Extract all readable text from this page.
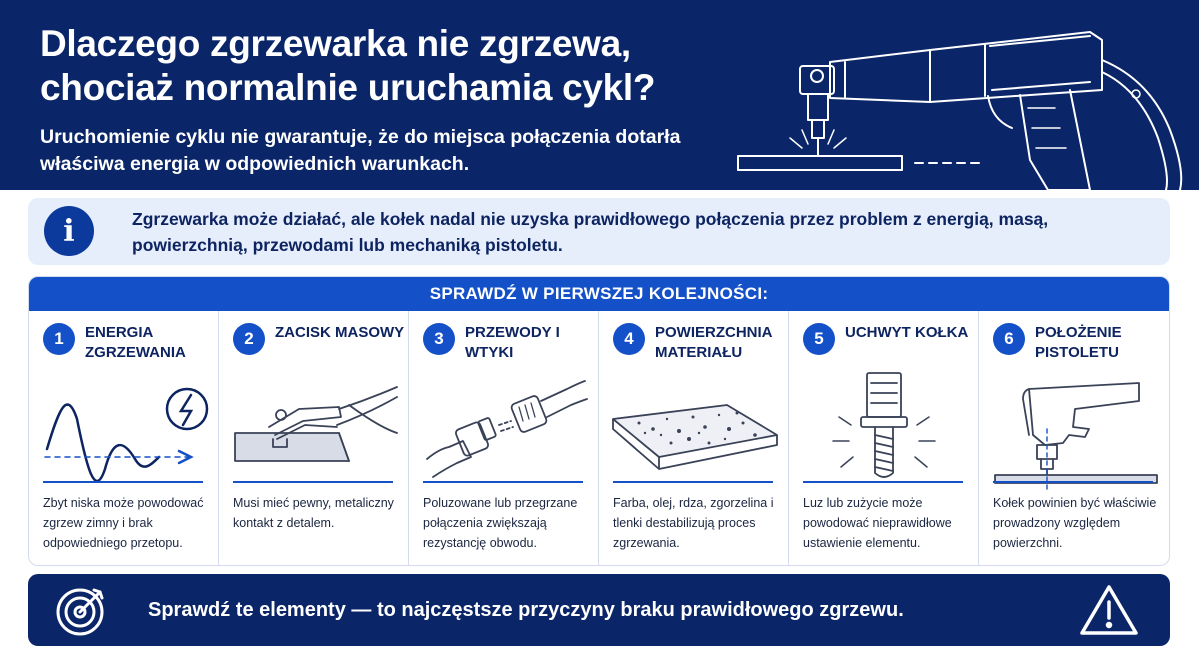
Dlaczego zgrzewarka nie zgrzewa, chociaż normalnie uruchamia cykl?
Uruchomienie cyklu nie gwarantuje, że do miejsca połączenia dotarła właściwa energia w odpowiednich warunkach.
i	Zgrzewarka może działać, ale kołek nadal nie uzyska prawidłowego połączenia przez problem z energią, masą, powierzchnią, przewodami lub mechaniką pistoletu.
SPRAWDŹ W PIERWSZEJ KOLEJNOŚCI:
1	ENERGIA ZGRZEWANIA
Zbyt niska może powodować zgrzew zimny i brak odpowiedniego przetopu.
2	ZACISK MASOWY
Musi mieć pewny, metaliczny kontakt z detalem.
3	PRZEWODY I WTYKI
Poluzowane lub przegrzane połączenia zwiększają rezystancję obwodu.
4	POWIERZCHNIA MATERIAŁU
Farba, olej, rdza, zgorzelina i tlenki destabilizują proces zgrzewania.
5	UCHWYT KOŁKA
Luz lub zużycie może powodować nieprawidłowe ustawienie elementu.
6	POŁOŻENIE PISTOLETU
Kołek powinien być właściwie prowadzony względem powierzchni.
Sprawdź te elementy — to najczęstsze przyczyny braku prawidłowego zgrzewu.
